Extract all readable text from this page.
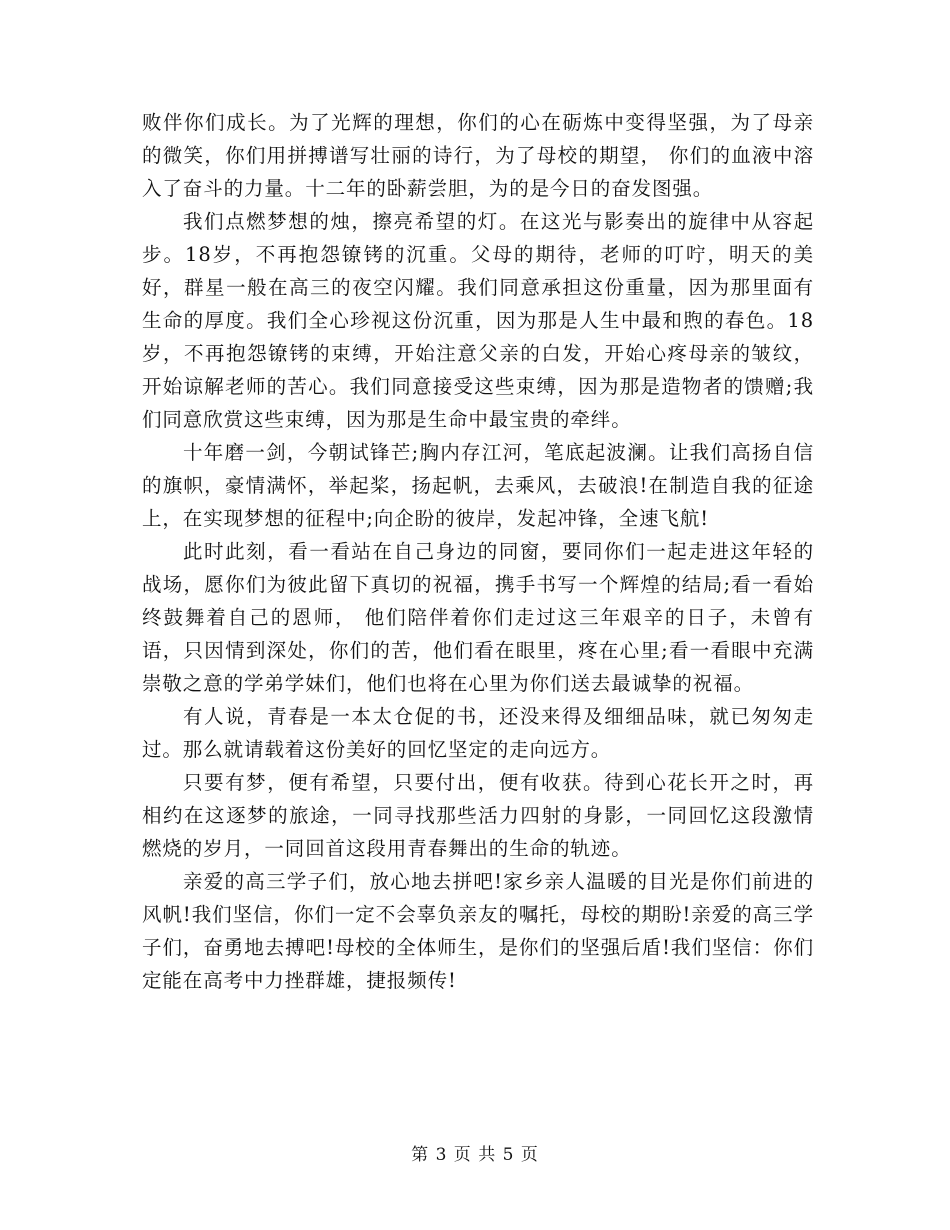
败伴你们成长。为了光辉的理想，你们的心在砺炼中变得坚强，为了母亲的微笑，你们用拼搏谱写壮丽的诗行，为了母校的期望， 你们的血液中溶入了奋斗的力量。十二年的卧薪尝胆，为的是今日的奋发图强。

我们点燃梦想的烛，擦亮希望的灯。在这光与影奏出的旋律中从容起步。18岁，不再抱怨镣铐的沉重。父母的期待，老师的叮咛，明天的美好，群星一般在高三的夜空闪耀。我们同意承担这份重量，因为那里面有生命的厚度。我们全心珍视这份沉重，因为那是人生中最和煦的春色。18岁，不再抱怨镣铐的束缚，开始注意父亲的白发，开始心疼母亲的皱纹，开始谅解老师的苦心。我们同意接受这些束缚，因为那是造物者的馈赠;我们同意欣赏这些束缚，因为那是生命中最宝贵的牵绊。

十年磨一剑，今朝试锋芒;胸内存江河，笔底起波澜。让我们高扬自信的旗帜，豪情满怀，举起桨，扬起帆，去乘风，去破浪!在制造自我的征途上，在实现梦想的征程中;向企盼的彼岸，发起冲锋，全速飞航!

此时此刻，看一看站在自己身边的同窗，要同你们一起走进这年轻的战场，愿你们为彼此留下真切的祝福，携手书写一个辉煌的结局;看一看始终鼓舞着自己的恩师， 他们陪伴着你们走过这三年艰辛的日子，未曾有语，只因情到深处，你们的苦，他们看在眼里，疼在心里;看一看眼中充满崇敬之意的学弟学妹们，他们也将在心里为你们送去最诚挚的祝福。

有人说，青春是一本太仓促的书，还没来得及细细品味，就已匆匆走过。那么就请载着这份美好的回忆坚定的走向远方。

只要有梦，便有希望，只要付出，便有收获。待到心花长开之时，再相约在这逐梦的旅途，一同寻找那些活力四射的身影，一同回忆这段激情燃烧的岁月，一同回首这段用青春舞出的生命的轨迹。

亲爱的高三学子们，放心地去拼吧!家乡亲人温暖的目光是你们前进的风帆!我们坚信，你们一定不会辜负亲友的嘱托，母校的期盼!亲爱的高三学子们，奋勇地去搏吧!母校的全体师生，是你们的坚强后盾!我们坚信：你们定能在高考中力挫群雄，捷报频传!

第 3 页 共 5 页
